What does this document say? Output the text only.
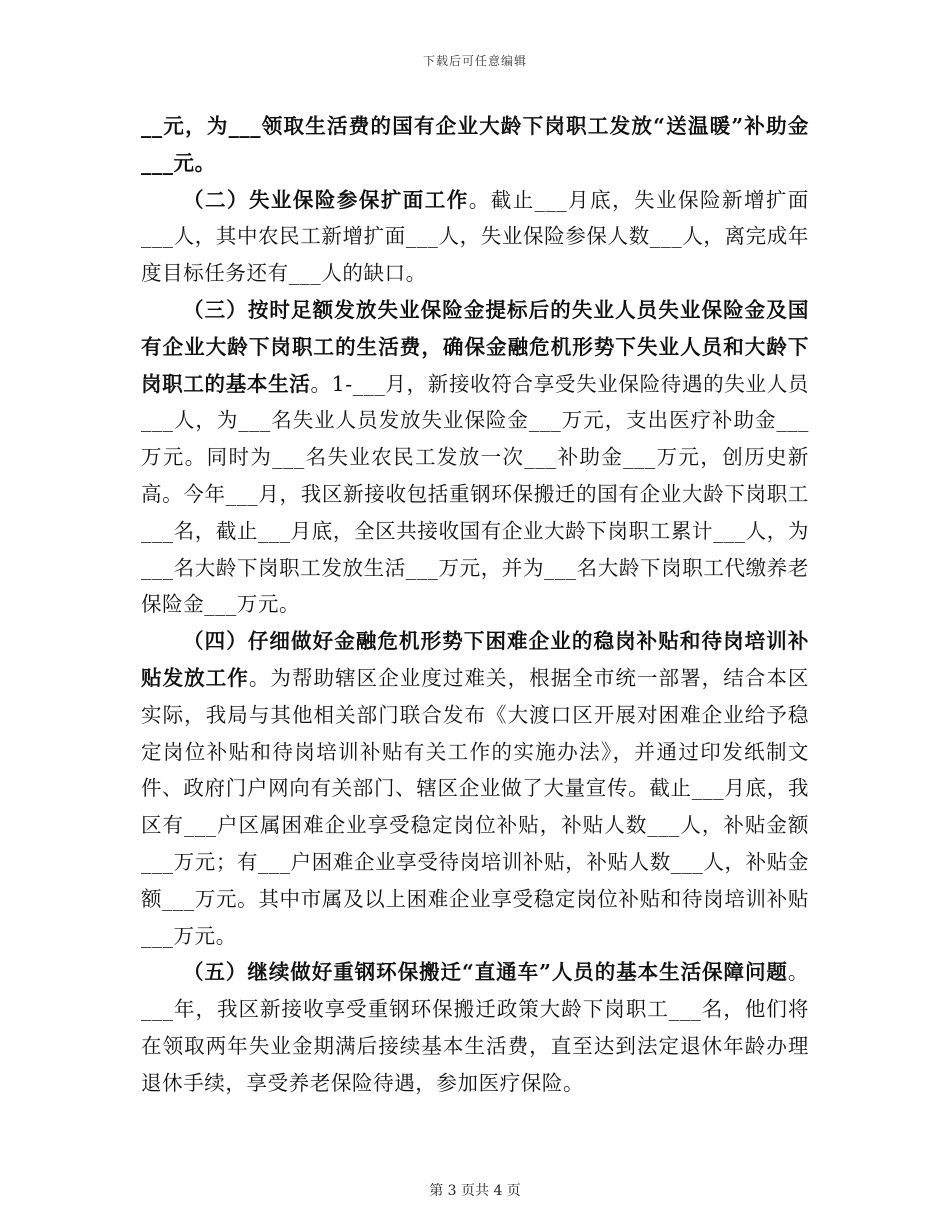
下载后可任意编辑

__元，为___领取生活费的国有企业大龄下岗职工发放“送温暖”补助金___元。

（二）失业保险参保扩面工作。截止___月底，失业保险新增扩面___人，其中农民工新增扩面___人，失业保险参保人数___人，离完成年度目标任务还有___人的缺口。

（三）按时足额发放失业保险金提标后的失业人员失业保险金及国有企业大龄下岗职工的生活费，确保金融危机形势下失业人员和大龄下岗职工的基本生活。1-___月，新接收符合享受失业保险待遇的失业人员___人，为___名失业人员发放失业保险金___万元，支出医疗补助金___万元。同时为___名失业农民工发放一次___补助金___万元，创历史新高。今年___月，我区新接收包括重钢环保搬迁的国有企业大龄下岗职工___名，截止___月底，全区共接收国有企业大龄下岗职工累计___人，为___名大龄下岗职工发放生活___万元，并为___名大龄下岗职工代缴养老保险金___万元。

（四）仔细做好金融危机形势下困难企业的稳岗补贴和待岗培训补贴发放工作。为帮助辖区企业度过难关，根据全市统一部署，结合本区实际，我局与其他相关部门联合发布《大渡口区开展对困难企业给予稳定岗位补贴和待岗培训补贴有关工作的实施办法》，并通过印发纸制文件、政府门户网向有关部门、辖区企业做了大量宣传。截止___月底，我区有___户区属困难企业享受稳定岗位补贴，补贴人数___人，补贴金额___万元；有___户困难企业享受待岗培训补贴，补贴人数___人，补贴金额___万元。其中市属及以上困难企业享受稳定岗位补贴和待岗培训补贴___万元。

（五）继续做好重钢环保搬迁“直通车”人员的基本生活保障问题。___年，我区新接收享受重钢环保搬迁政策大龄下岗职工___名，他们将在领取两年失业金期满后接续基本生活费，直至达到法定退休年龄办理退休手续，享受养老保险待遇，参加医疗保险。

第 3 页共 4 页
